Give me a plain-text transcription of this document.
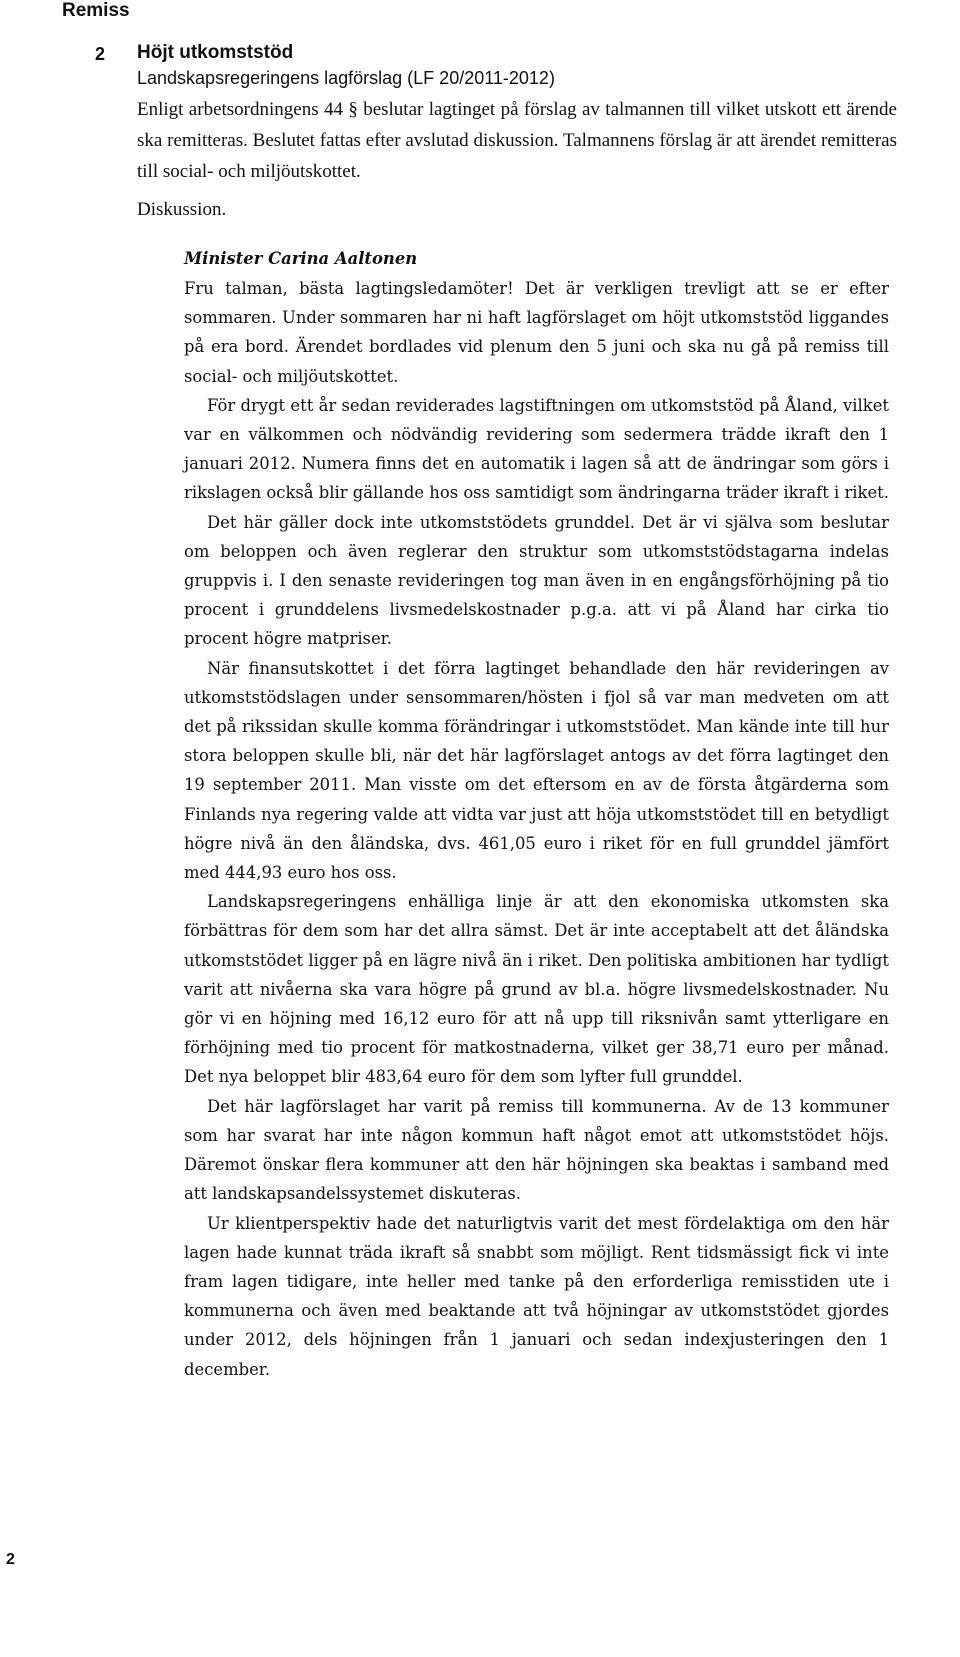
Remiss
2 Höjt utkomststöd
Landskapsregeringens lagförslag (LF 20/2011-2012)

Enligt arbetsordningens 44 § beslutar lagtinget på förslag av talmannen till vilket utskott ett ärende ska remitteras. Beslutet fattas efter avslutad diskussion. Talmannens förslag är att ärendet remitteras till social- och miljöutskottet.

Diskussion.

Minister Carina Aaltonen

Fru talman, bästa lagtingsledamöter! Det är verkligen trevligt att se er efter sommaren. Under sommaren har ni haft lagförslaget om höjt utkomststöd liggandes på era bord. Ärendet bordlades vid plenum den 5 juni och ska nu gå på remiss till social- och miljöutskottet.

För drygt ett år sedan reviderades lagstiftningen om utkomststöd på Åland, vilket var en välkommen och nödvändig revidering som sedermera trädde ikraft den 1 januari 2012. Numera finns det en automatik i lagen så att de ändringar som görs i rikslagen också blir gällande hos oss samtidigt som ändringarna träder ikraft i riket.

Det här gäller dock inte utkomststödets grunddel. Det är vi själva som beslutar om beloppen och även reglerar den struktur som utkomststödstagarna indelas gruppvis i. I den senaste revideringen tog man även in en engångsförhöjning på tio procent i grunddelens livsmedelskostnader p.g.a. att vi på Åland har cirka tio procent högre matpriser.

När finansutskottet i det förra lagtinget behandlade den här revideringen av utkomststödslagen under sensommaren/hösten i fjol så var man medveten om att det på rikssidan skulle komma förändringar i utkomststödet. Man kände inte till hur stora beloppen skulle bli, när det här lagförslaget antogs av det förra lagtinget den 19 september 2011. Man visste om det eftersom en av de första åtgärderna som Finlands nya regering valde att vidta var just att höja utkomststödet till en betydligt högre nivå än den åländska, dvs. 461,05 euro i riket för en full grunddel jämfört med 444,93 euro hos oss.

Landskapsregeringens enhälliga linje är att den ekonomiska utkomsten ska förbättras för dem som har det allra sämst. Det är inte acceptabelt att det åländska utkomststödet ligger på en lägre nivå än i riket. Den politiska ambitionen har tydligt varit att nivåerna ska vara högre på grund av bl.a. högre livsmedelskostnader. Nu gör vi en höjning med 16,12 euro för att nå upp till riksnivån samt ytterligare en förhöjning med tio procent för matkostnaderna, vilket ger 38,71 euro per månad. Det nya beloppet blir 483,64 euro för dem som lyfter full grunddel.

Det här lagförslaget har varit på remiss till kommunerna. Av de 13 kommuner som har svarat har inte någon kommun haft något emot att utkomststödet höjs. Däremot önskar flera kommuner att den här höjningen ska beaktas i samband med att landskapsandelssystemet diskuteras.

Ur klientperspektiv hade det naturligtvis varit det mest fördelaktiga om den här lagen hade kunnat träda ikraft så snabbt som möjligt. Rent tidsmässigt fick vi inte fram lagen tidigare, inte heller med tanke på den erforderliga remisstiden ute i kommunerna och även med beaktande att två höjningar av utkomststödet gjordes under 2012, dels höjningen från 1 januari och sedan indexjusteringen den 1 december.

2
